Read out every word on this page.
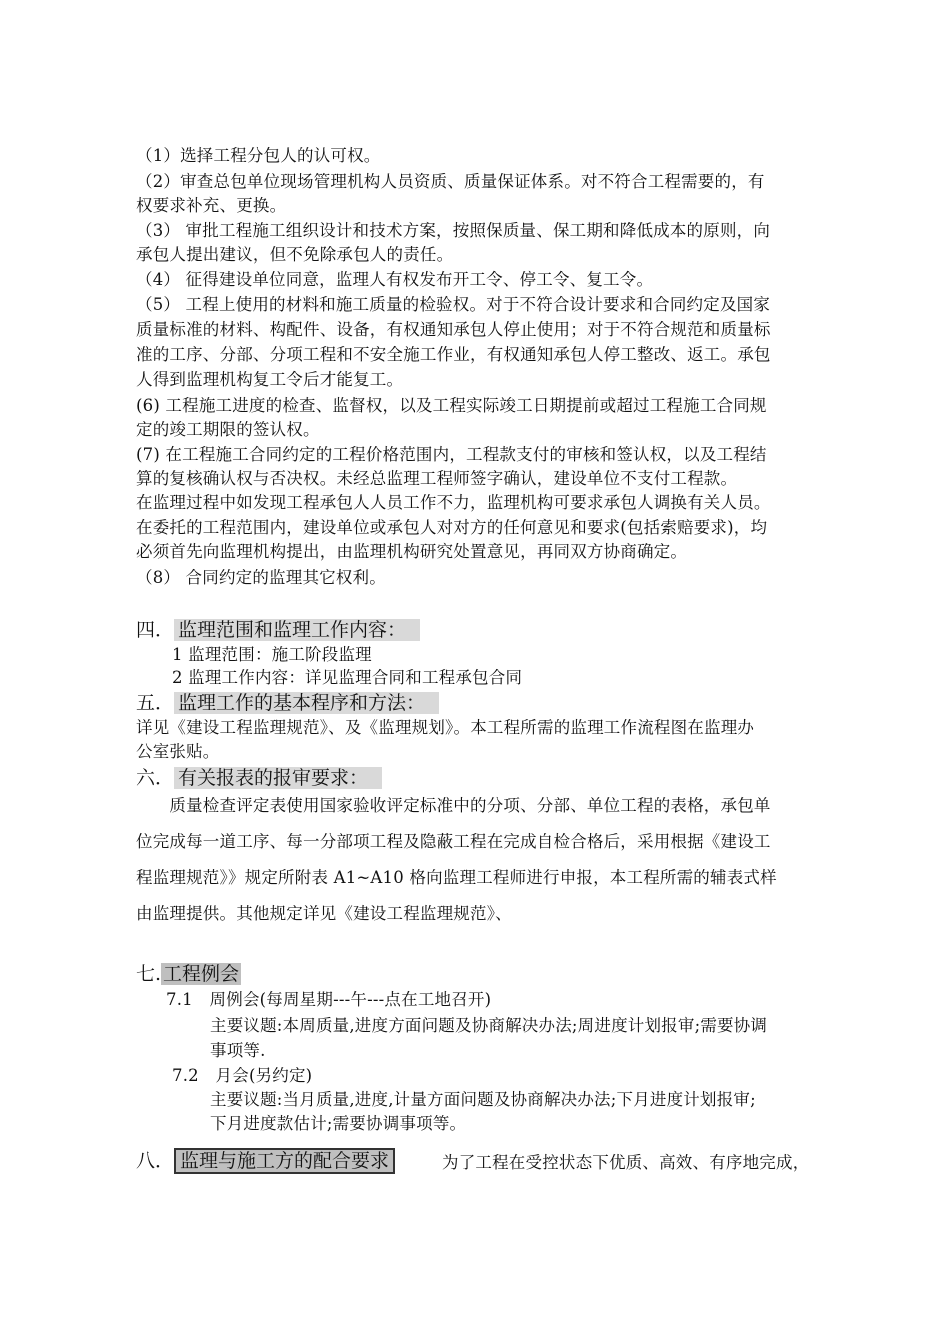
（1）选择工程分包人的认可权。
（2）审查总包单位现场管理机构人员资质、质量保证体系。对不符合工程需要的，有
权要求补充、更换。
（3） 审批工程施工组织设计和技术方案，按照保质量、保工期和降低成本的原则，向
承包人提出建议，但不免除承包人的责任。
（4） 征得建设单位同意，监理人有权发布开工令、停工令、复工令。
（5） 工程上使用的材料和施工质量的检验权。对于不符合设计要求和合同约定及国家
质量标准的材料、构配件、设备，有权通知承包人停止使用；对于不符合规范和质量标
准的工序、分部、分项工程和不安全施工作业，有权通知承包人停工整改、返工。承包
人得到监理机构复工令后才能复工。
(6) 工程施工进度的检查、监督权，以及工程实际竣工日期提前或超过工程施工合同规
定的竣工期限的签认权。
(7) 在工程施工合同约定的工程价格范围内，工程款支付的审核和签认权，以及工程结
算的复核确认权与否决权。未经总监理工程师签字确认，建设单位不支付工程款。
在监理过程中如发现工程承包人人员工作不力，监理机构可要求承包人调换有关人员。
在委托的工程范围内，建设单位或承包人对对方的任何意见和要求(包括索赔要求)，均
必须首先向监理机构提出，由监理机构研究处置意见，再同双方协商确定。
（8） 合同约定的监理其它权利。
四． 监理范围和监理工作内容：
1 监理范围：施工阶段监理
2 监理工作内容：详见监理合同和工程承包合同
五． 监理工作的基本程序和方法：
详见《建设工程监理规范》、及《监理规划》。本工程所需的监理工作流程图在监理办
公室张贴。
六． 有关报表的报审要求：
　　质量检查评定表使用国家验收评定标准中的分项、分部、单位工程的表格，承包单
位完成每一道工序、每一分部项工程及隐蔽工程在完成自检合格后，采用根据《建设工
程监理规范》》规定所附表 A1~A10 格向监理工程师进行申报，本工程所需的辅表式样
由监理提供。其他规定详见《建设工程监理规范》、
七. 工程例会
7.1　周例会(每周星期---午---点在工地召开)
主要议题:本周质量,进度方面问题及协商解决办法;周进度计划报审;需要协调
事项等.
7.2　月会(另约定)
主要议题:当月质量,进度,计量方面问题及协商解决办法;下月进度计划报审;
下月进度款估计;需要协调事项等。
八． 监理与施工方的配合要求	为了工程在受控状态下优质、高效、有序地完成，
